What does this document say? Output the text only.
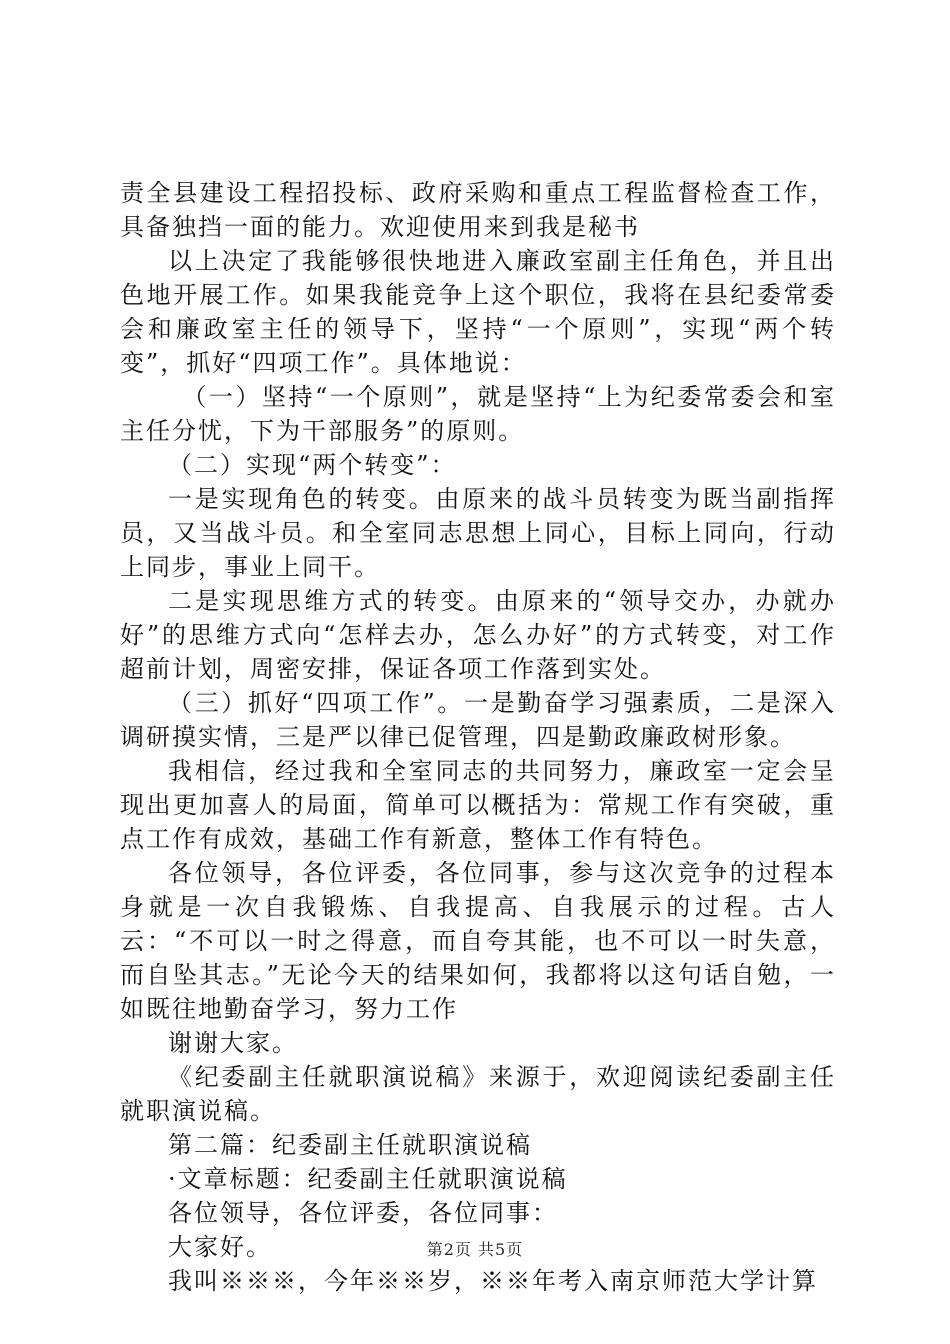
责全县建设工程招投标、政府采购和重点工程监督检查工作，具备独挡一面的能力。欢迎使用来到我是秘书

以上决定了我能够很快地进入廉政室副主任角色，并且出色地开展工作。如果我能竞争上这个职位，我将在县纪委常委会和廉政室主任的领导下，坚持“一个原则”，实现“两个转变”，抓好“四项工作”。具体地说：

（一）坚持“一个原则”，就是坚持“上为纪委常委会和室主任分忧，下为干部服务”的原则。

（二）实现“两个转变”：

一是实现角色的转变。由原来的战斗员转变为既当副指挥员，又当战斗员。和全室同志思想上同心，目标上同向，行动上同步，事业上同干。

二是实现思维方式的转变。由原来的“领导交办，办就办好”的思维方式向“怎样去办，怎么办好”的方式转变，对工作超前计划，周密安排，保证各项工作落到实处。

（三）抓好“四项工作”。一是勤奋学习强素质，二是深入调研摸实情，三是严以律已促管理，四是勤政廉政树形象。

我相信，经过我和全室同志的共同努力，廉政室一定会呈现出更加喜人的局面，简单可以概括为：常规工作有突破，重点工作有成效，基础工作有新意，整体工作有特色。

各位领导，各位评委，各位同事，参与这次竞争的过程本身就是一次自我锻炼、自我提高、自我展示的过程。古人云：“不可以一时之得意，而自夸其能，也不可以一时失意，而自坠其志。”无论今天的结果如何，我都将以这句话自勉，一如既往地勤奋学习，努力工作

谢谢大家。

《纪委副主任就职演说稿》来源于，欢迎阅读纪委副主任就职演说稿。

第二篇：纪委副主任就职演说稿

·文章标题：纪委副主任就职演说稿

各位领导，各位评委，各位同事：

大家好。

我叫※※※，今年※※岁，※※年考入南京师范大学计算

第2页 共5页
